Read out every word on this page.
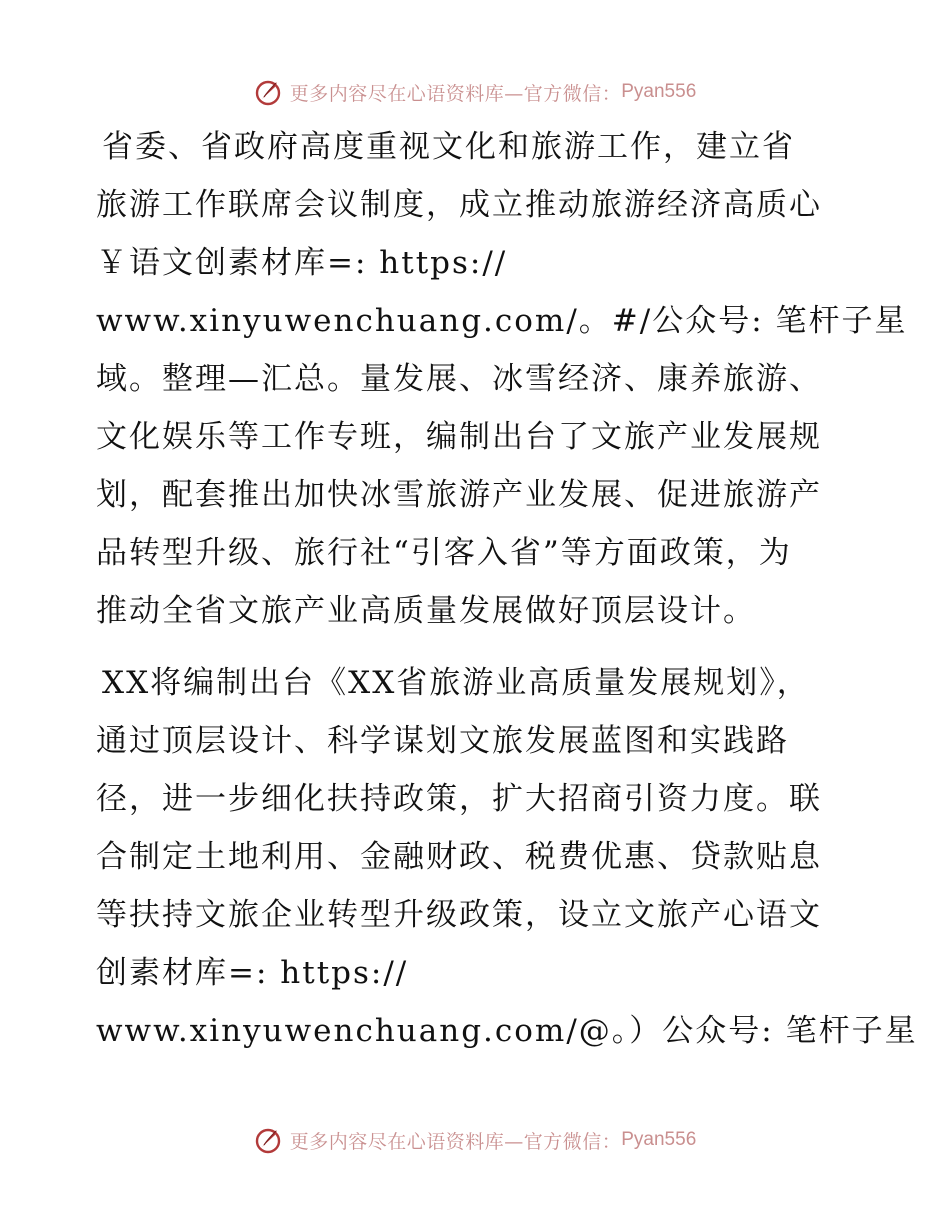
更多内容尽在心语资料库—官方微信： Pyan556

省委、省政府高度重视文化和旅游工作，建立省

旅游工作联席会议制度，成立推动旅游经济高质心

￥语文创素材库=: https://

www.xinyuwenchuang.com/。#/公众号: 笔杆子星

域。整理—汇总。量发展、冰雪经济、康养旅游、

文化娱乐等工作专班，编制出台了文旅产业发展规

划，配套推出加快冰雪旅游产业发展、促进旅游产

品转型升级、旅行社“引客入省”等方面政策，为

推动全省文旅产业高质量发展做好顶层设计。

XX将编制出台《XX省旅游业高质量发展规划》，

通过顶层设计、科学谋划文旅发展蓝图和实践路

径，进一步细化扶持政策，扩大招商引资力度。联

合制定土地利用、金融财政、税费优惠、贷款贴息

等扶持文旅企业转型升级政策，设立文旅产心语文

创素材库=: https://

www.xinyuwenchuang.com/@。）公众号: 笔杆子星

更多内容尽在心语资料库—官方微信： Pyan556
